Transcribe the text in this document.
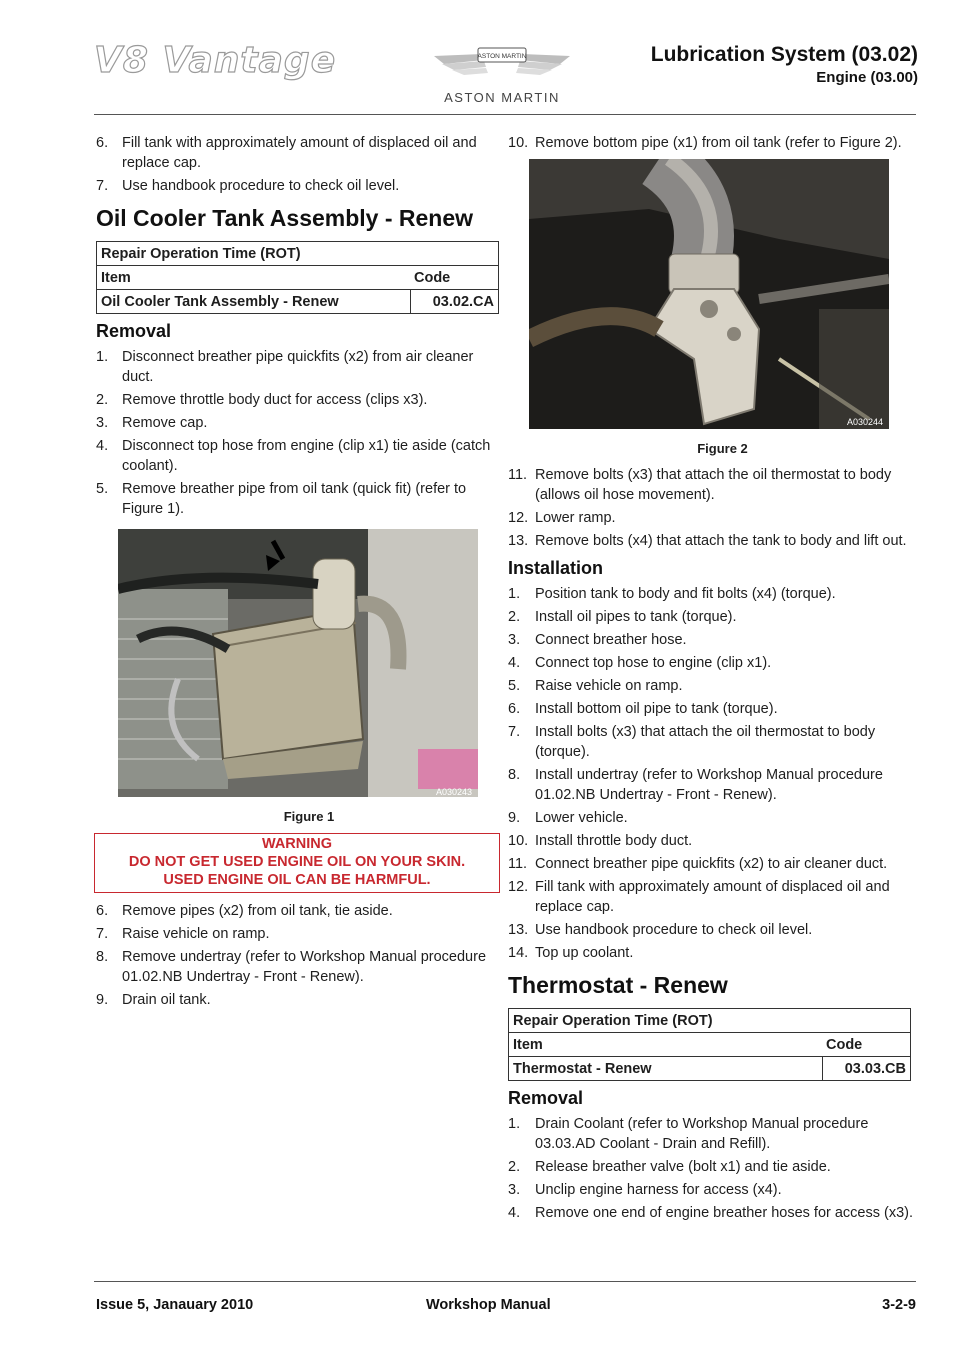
V8 Vantage	ASTON MARTIN
ASTON MARTIN
Lubrication System (03.02)
Engine (03.00)
6. Fill tank with approximately amount of displaced oil and replace cap.
7. Use handbook procedure to check oil level.
Oil Cooler Tank Assembly - Renew
Repair Operation Time (ROT)	
Item	Code
Oil Cooler Tank Assembly - Renew	03.02.CA
Removal
1. Disconnect breather pipe quickfits (x2) from air cleaner duct.
2. Remove throttle body duct for access (clips x3).
3. Remove cap.
4. Disconnect top hose from engine (clip x1) tie aside (catch coolant).
5. Remove breather pipe from oil tank (quick fit) (refer to Figure 1).
A030243
Figure 1
WARNING
DO NOT GET USED ENGINE OIL ON YOUR SKIN.
USED ENGINE OIL CAN BE HARMFUL.
6. Remove pipes (x2) from oil tank, tie aside.
7. Raise vehicle on ramp.
8. Remove undertray (refer to Workshop Manual procedure 01.02.NB Undertray - Front - Renew).
9. Drain oil tank.
10. Remove bottom pipe (x1) from oil tank (refer to Figure 2).
A030244
Figure 2
11. Remove bolts (x3) that attach the oil thermostat to body (allows oil hose movement).
12. Lower ramp.
13. Remove bolts (x4) that attach the tank to body and lift out.
Installation
1.	Position tank to body and fit bolts (x4) (torque).
2.	Install oil pipes to tank (torque).
3.	Connect breather hose.
4.	Connect top hose to engine (clip x1).
5.	Raise vehicle on ramp.
6.	Install bottom oil pipe to tank (torque).
7.	Install bolts (x3) that attach the oil thermostat to body (torque).
8.	Install undertray (refer to Workshop Manual procedure 01.02.NB Undertray - Front - Renew).
9.	Lower vehicle.
10. Install throttle body duct.
11. Connect breather pipe quickfits (x2) to air cleaner duct.
12. Fill tank with approximately amount of displaced oil and replace cap.
13. Use handbook procedure to check oil level.
14. Top up coolant.
Thermostat - Renew
Repair Operation Time (ROT)	
Item	Code
Thermostat - Renew	03.03.CB
Removal
1.	Drain Coolant (refer to Workshop Manual procedure 03.03.AD Coolant - Drain and Refill).
2.	Release breather valve (bolt x1) and tie aside.
3.	Unclip engine harness for access (x4).
4.	Remove one end of engine breather hoses for access (x3).
Issue 5, Janauary 2010	Workshop Manual	3-2-9
